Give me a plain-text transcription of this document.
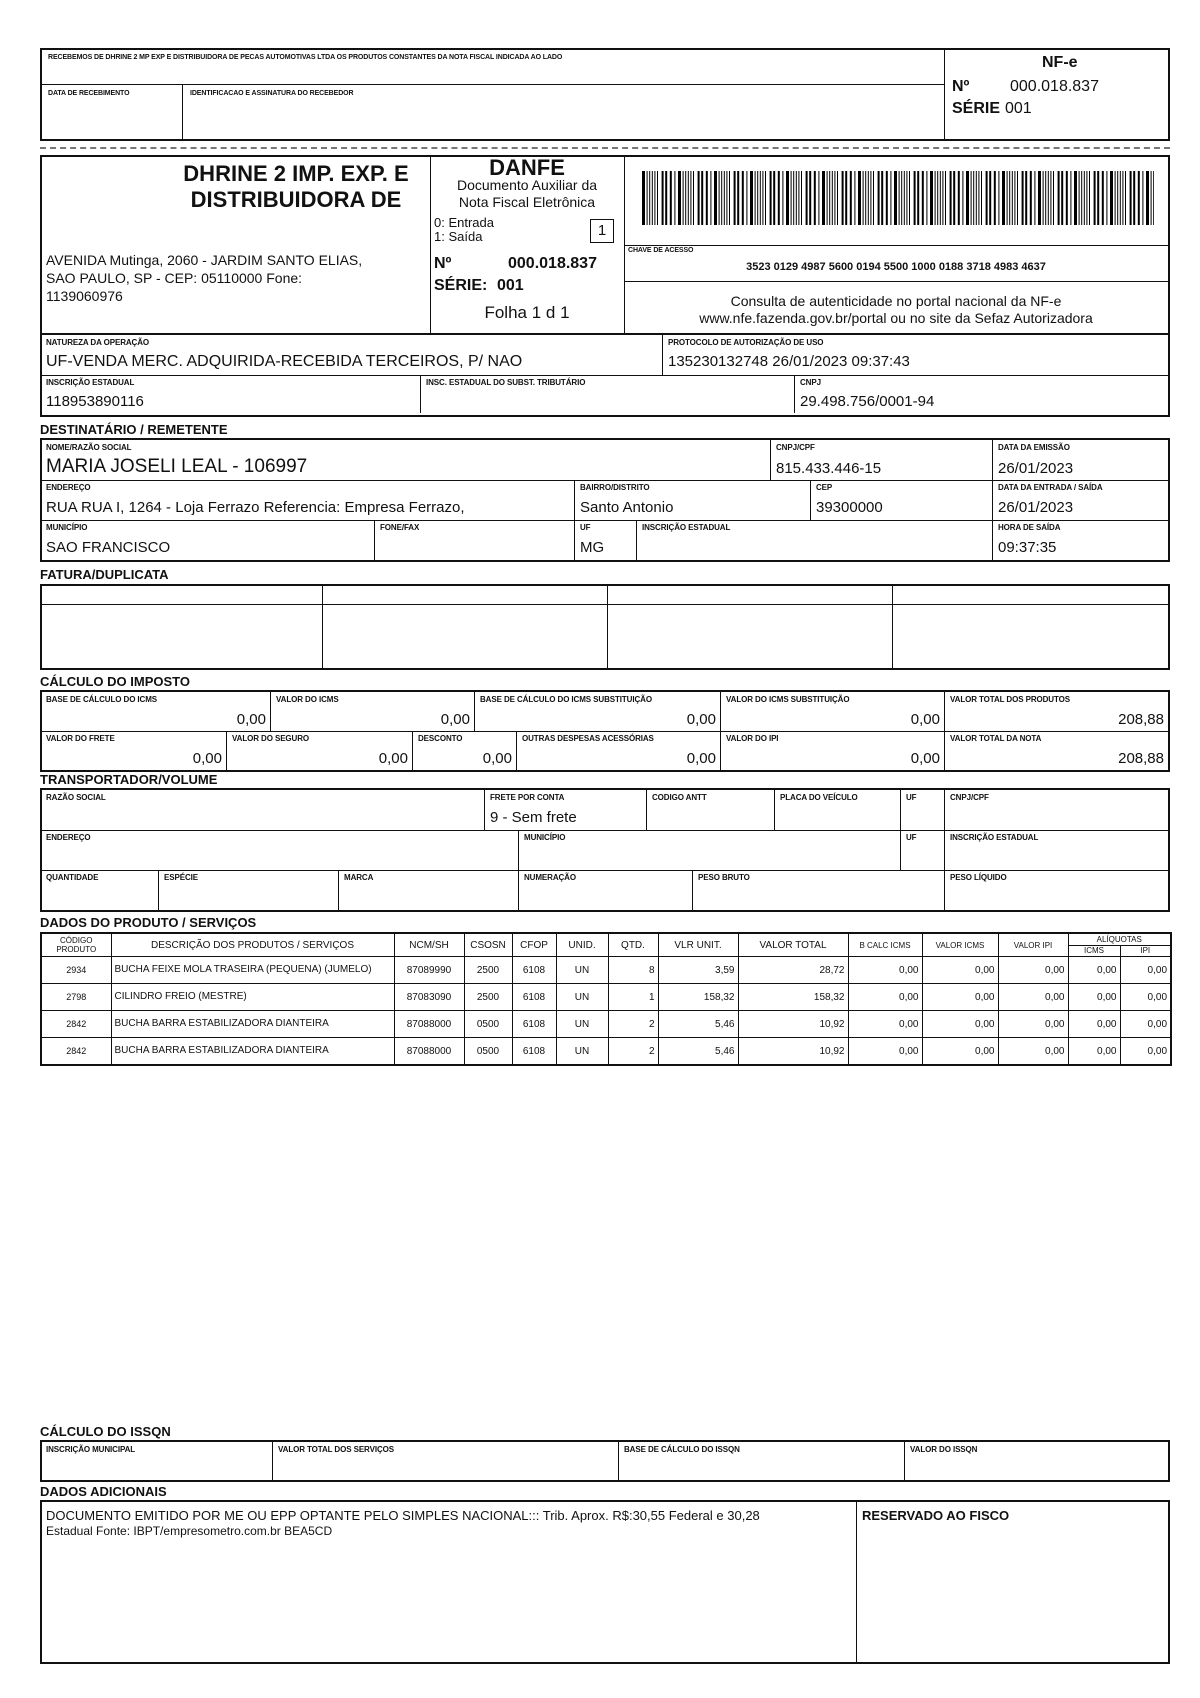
RECEBEMOS DE DHRINE 2 MP EXP E DISTRIBUIDORA DE PECAS AUTOMOTIVAS LTDA OS PRODUTOS CONSTANTES DA NOTA FISCAL INDICADA AO LADO
DATA DE RECEBIMENTO	IDENTIFICACAO E ASSINATURA DO RECEBEDOR
NF-e
Nº	000.018.837
SÉRIE 001
DHRINE 2 IMP. EXP. E
DISTRIBUIDORA DE
AVENIDA Mutinga, 2060 - JARDIM SANTO ELIAS,
SAO PAULO, SP - CEP: 05110000 Fone:
1139060976
DANFE
Documento Auxiliar da
Nota Fiscal Eletrônica
0: Entrada
1: Saída	1
Nº	000.018.837
SÉRIE: 001
Folha 1 d 1
CHAVE DE ACESSO
3523 0129 4987 5600 0194 5500 1000 0188 3718 4983 4637
Consulta de autenticidade no portal nacional da NF-e
www.nfe.fazenda.gov.br/portal ou no site da Sefaz Autorizadora
NATUREZA DA OPERAÇÃO
UF-VENDA MERC. ADQUIRIDA-RECEBIDA TERCEIROS, P/ NAO
PROTOCOLO DE AUTORIZAÇÃO DE USO
135230132748 26/01/2023 09:37:43
INSCRIÇÃO ESTADUAL
118953890116
INSC. ESTADUAL DO SUBST. TRIBUTÁRIO	CNPJ
29.498.756/0001-94
DESTINATÁRIO / REMETENTE
NOME/RAZÃO SOCIAL
MARIA JOSELI LEAL - 106997
CNPJ/CPF
815.433.446-15
DATA DA EMISSÃO
26/01/2023
ENDEREÇO
RUA RUA I, 1264 - Loja Ferrazo Referencia: Empresa Ferrazo,
BAIRRO/DISTRITO
Santo Antonio
CEP
39300000
DATA DA ENTRADA / SAÍDA
26/01/2023
MUNICÍPIO
SAO FRANCISCO
FONE/FAX	UF
MG
INSCRIÇÃO ESTADUAL	HORA DE SAÍDA
09:37:35
FATURA/DUPLICATA
CÁLCULO DO IMPOSTO
BASE DE CÁLCULO DO ICMS
0,00
VALOR DO ICMS
0,00
BASE DE CÁLCULO DO ICMS SUBSTITUIÇÃO
0,00
VALOR DO ICMS SUBSTITUIÇÃO
0,00
VALOR TOTAL DOS PRODUTOS
208,88
VALOR DO FRETE
0,00
VALOR DO SEGURO
0,00
DESCONTO
0,00
OUTRAS DESPESAS ACESSÓRIAS
0,00
VALOR DO IPI
0,00
VALOR TOTAL DA NOTA
208,88
TRANSPORTADOR/VOLUME
RAZÃO SOCIAL	FRETE POR CONTA
9 - Sem frete
CODIGO ANTT	PLACA DO VEÍCULO	UF	CNPJ/CPF
ENDEREÇO	MUNICÍPIO	UF	INSCRIÇÃO ESTADUAL
QUANTIDADE	ESPÉCIE	MARCA	NUMERAÇÃO	PESO BRUTO	PESO LÍQUIDO
DADOS DO PRODUTO / SERVIÇOS
CÓDIGO PRODUTO	DESCRIÇÃO DOS PRODUTOS / SERVIÇOS	NCM/SH	CSOSN	CFOP	UNID.	QTD.	VLR UNIT.	VALOR TOTAL	B CALC ICMS	VALOR ICMS	VALOR IPI	ALÍQUOTAS	
												ICMS	IPI
2934	BUCHA FEIXE MOLA TRASEIRA (PEQUENA) (JUMELO)	87089990	2500	6108	UN	8	3,59	28,72	0,00	0,00	0,00	0,00	0,00
2798	CILINDRO FREIO (MESTRE)	87083090	2500	6108	UN	1	158,32	158,32	0,00	0,00	0,00	0,00	0,00
2842	BUCHA BARRA ESTABILIZADORA DIANTEIRA	87088000	0500	6108	UN	2	5,46	10,92	0,00	0,00	0,00	0,00	0,00
2842	BUCHA BARRA ESTABILIZADORA DIANTEIRA	87088000	0500	6108	UN	2	5,46	10,92	0,00	0,00	0,00	0,00	0,00
CÁLCULO DO ISSQN
INSCRIÇÃO MUNICIPAL	VALOR TOTAL DOS SERVIÇOS	BASE DE CÁLCULO DO ISSQN	VALOR DO ISSQN
DADOS ADICIONAIS
DOCUMENTO EMITIDO POR ME OU EPP OPTANTE PELO SIMPLES NACIONAL::: Trib. Aprox. R$:30,55 Federal e 30,28
Estadual Fonte: IBPT/empresometro.com.br BEA5CD
RESERVADO AO FISCO
